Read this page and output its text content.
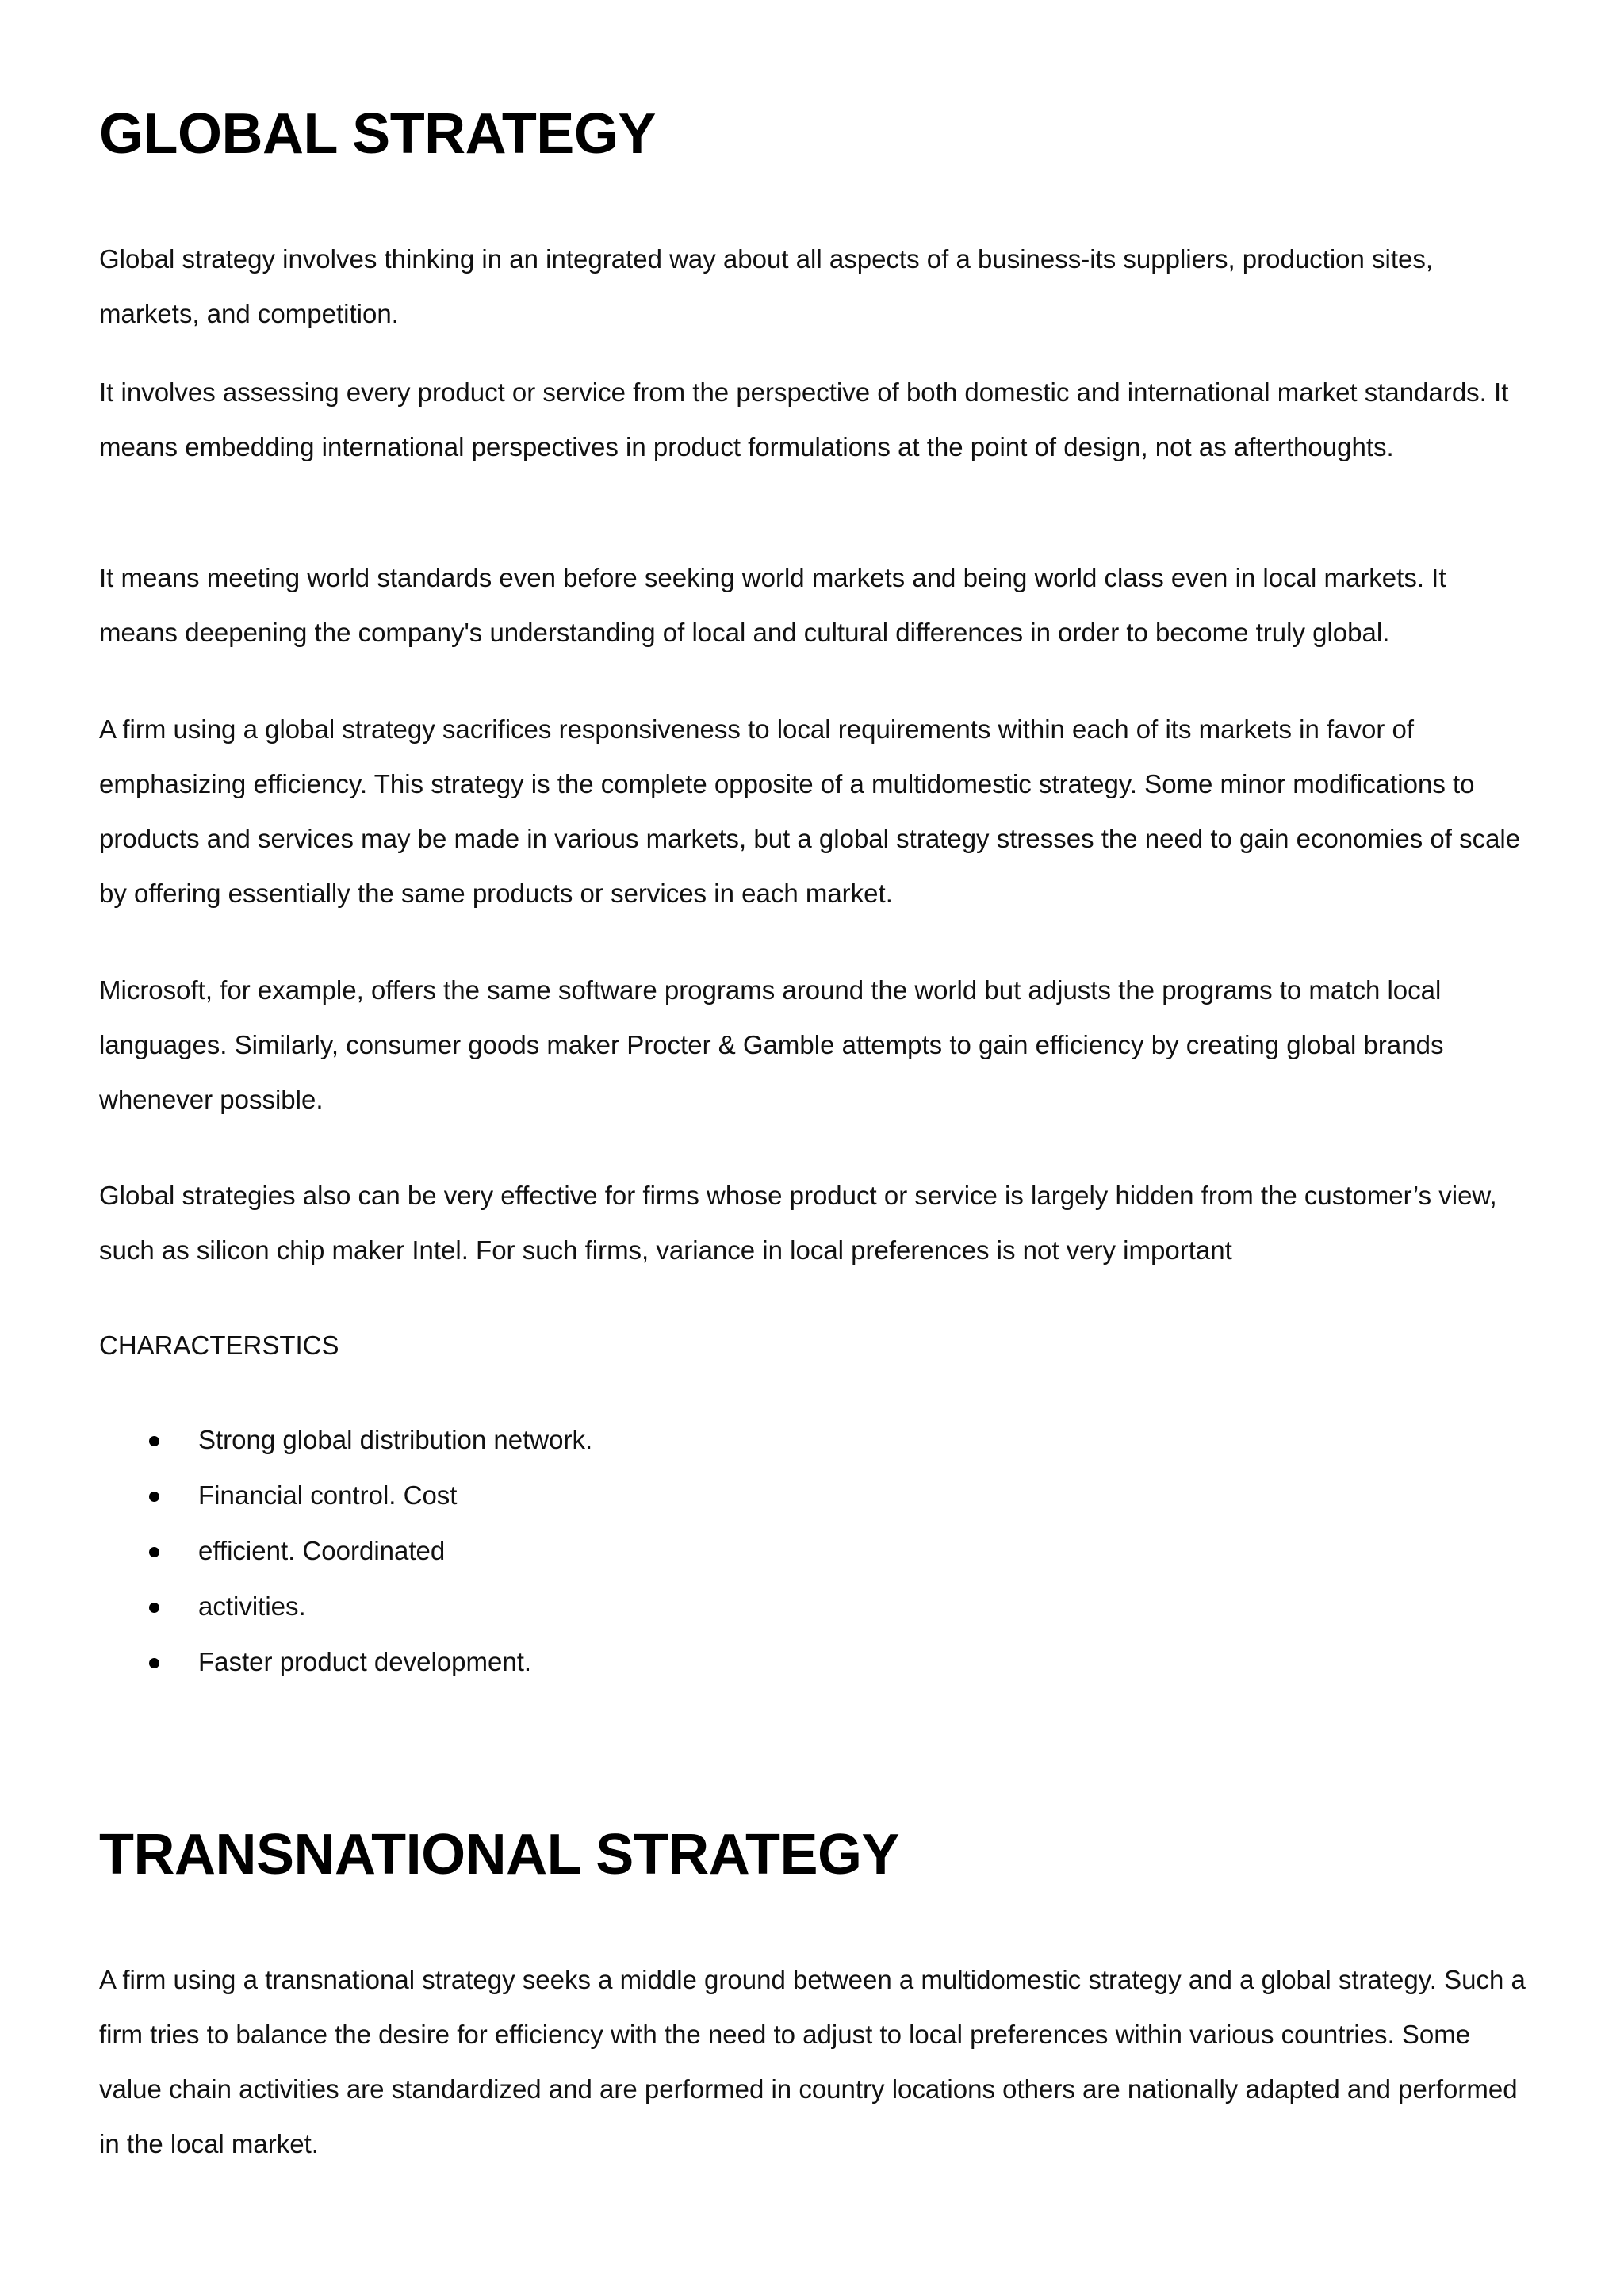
GLOBAL STRATEGY

Global strategy involves thinking in an integrated way about all aspects of a business-its suppliers, production sites, markets, and competition.

It involves assessing every product or service from the perspective of both domestic and international market standards. It means embedding international perspectives in product formulations at the point of design, not as afterthoughts.

It means meeting world standards even before seeking world markets and being world class even in local markets. It means deepening the company's understanding of local and cultural differences in order to become truly global.

A firm using a global strategy sacrifices responsiveness to local requirements within each of its markets in favor of emphasizing efficiency. This strategy is the complete opposite of a multidomestic strategy. Some minor modifications to products and services may be made in various markets, but a global strategy stresses the need to gain economies of scale by offering essentially the same products or services in each market.

Microsoft, for example, offers the same software programs around the world but adjusts the programs to match local languages. Similarly, consumer goods maker Procter & Gamble attempts to gain efficiency by creating global brands whenever possible.

Global strategies also can be very effective for firms whose product or service is largely hidden from the customer’s view, such as silicon chip maker Intel. For such firms, variance in local preferences is not very important

CHARACTERSTICS

Strong global distribution network.
Financial control. Cost
efficient. Coordinated
activities.
Faster product development.
TRANSNATIONAL STRATEGY

A firm using a transnational strategy seeks a middle ground between a multidomestic strategy and a global strategy. Such a firm tries to balance the desire for efficiency with the need to adjust to local preferences within various countries. Some value chain activities are standardized and are performed in country locations others are nationally adapted and performed in the local market.
